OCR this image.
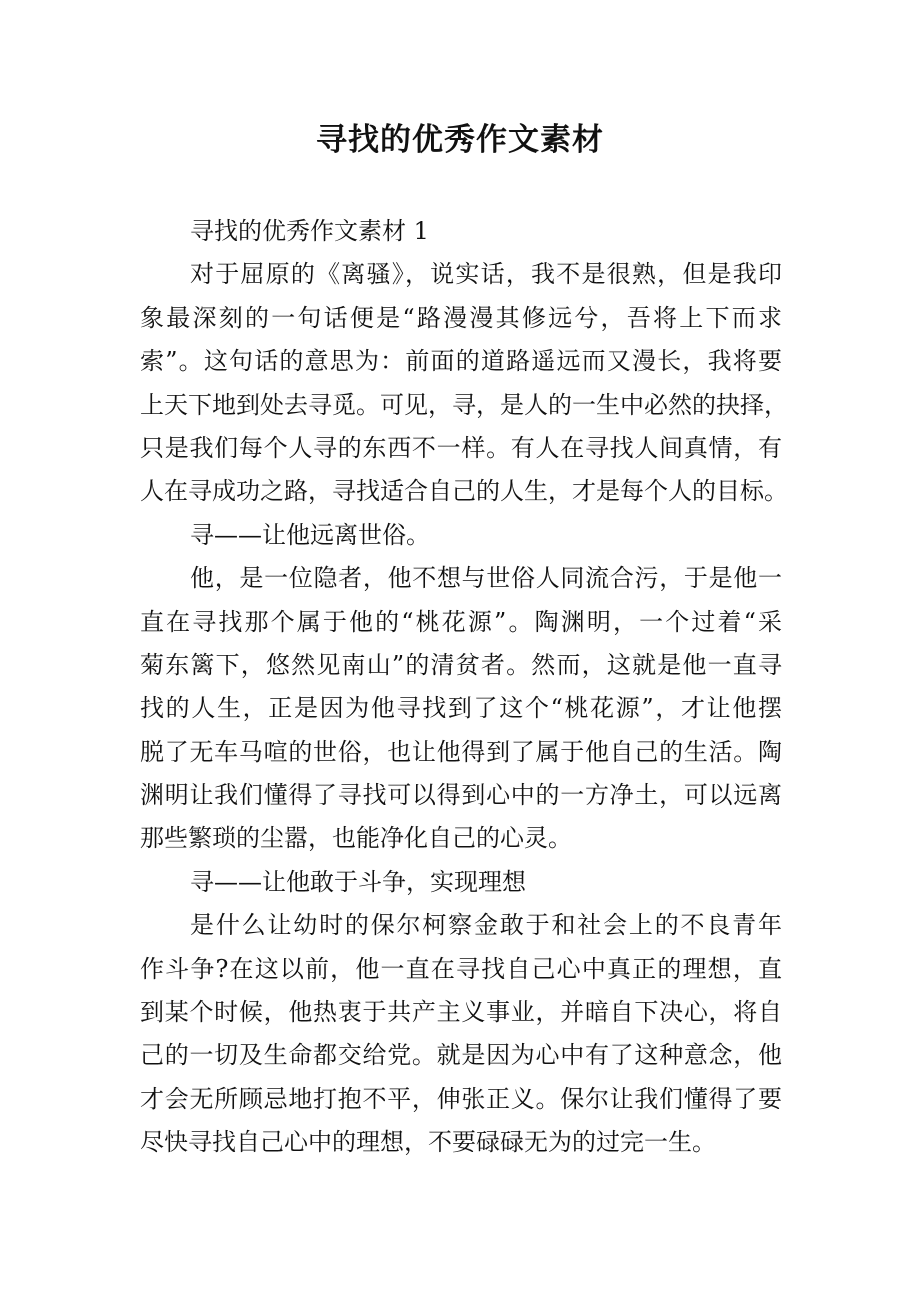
寻找的优秀作文素材
寻找的优秀作文素材 1
对于屈原的《离骚》，说实话，我不是很熟，但是我印
象最深刻的一句话便是“路漫漫其修远兮，吾将上下而求
索”。这句话的意思为：前面的道路遥远而又漫长，我将要
上天下地到处去寻觅。可见，寻，是人的一生中必然的抉择，
只是我们每个人寻的东西不一样。有人在寻找人间真情，有
人在寻成功之路，寻找适合自己的人生，才是每个人的目标。
寻——让他远离世俗。
他，是一位隐者，他不想与世俗人同流合污，于是他一
直在寻找那个属于他的“桃花源”。陶渊明，一个过着“采
菊东篱下，悠然见南山”的清贫者。然而，这就是他一直寻
找的人生，正是因为他寻找到了这个“桃花源”，才让他摆
脱了无车马喧的世俗，也让他得到了属于他自己的生活。陶
渊明让我们懂得了寻找可以得到心中的一方净土，可以远离
那些繁琐的尘嚣，也能净化自己的心灵。
寻——让他敢于斗争，实现理想
是什么让幼时的保尔柯察金敢于和社会上的不良青年
作斗争?在这以前，他一直在寻找自己心中真正的理想，直
到某个时候，他热衷于共产主义事业，并暗自下决心，将自
己的一切及生命都交给党。就是因为心中有了这种意念，他
才会无所顾忌地打抱不平，伸张正义。保尔让我们懂得了要
尽快寻找自己心中的理想，不要碌碌无为的过完一生。
